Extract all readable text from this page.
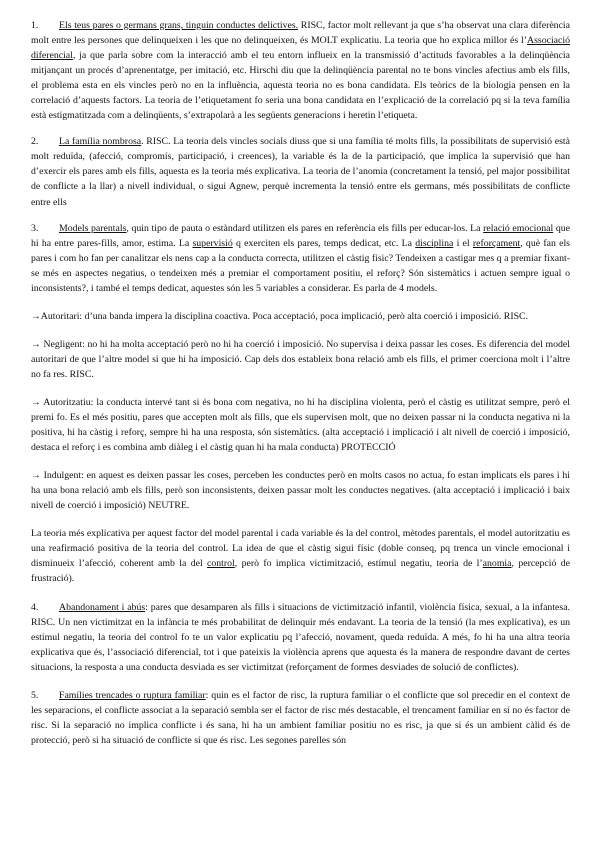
1. Els teus pares o germans grans, tinguin conductes delictives. RISC, factor molt rellevant ja que s’ha observat una clara diferència molt entre les persones que delinqueixen i les que no delinqueixen, és MOLT explicatiu. La teoria que ho explica millor és l’Associació diferencial, ja que parla sobre com la interacció amb el teu entorn influeix en la transmissió d’actituds favorables a la delinqüència mitjançant un procés d’aprenentatge, per imitació, etc. Hirschi diu que la delinqüència parental no te bons vincles afectius amb els fills, el problema esta en els vincles però no en la influència, aquesta teoria no es bona candidata. Els teòrics de la biologia pensen en la correlació d’aquests factors. La teoria de l’etiquetament fo seria una bona candidata en l’explicació de la correlació pq si la teva família està estigmatitzada com a delinqüents, s’extrapolarà a les següents generacions i heretin l’etiqueta.

2. La família nombrosa. RISC. La teoria dels vincles socials diuss que si una família té molts fills, la possibilitats de supervisió està molt reduïda, (afecció, compromís, participació, i creences), la variable és la de la participació, que implica la supervisió que han d’exercir els pares amb els fills, aquesta es la teoria més explicativa. La teoria de l’anomia (concretament la tensió, pel major possibilitat de conflicte a la llar) a nivell individual, o sigui Agnew, perquè incrementa la tensió entre els germans, més possibilitats de conflicte entre ells

3. Models parentals, quin tipo de pauta o estàndard utilitzen els pares en referència els fills per educar-los. La relació emocional que hi ha entre pares-fills, amor, estima. La supervisió q exerciten els pares, temps dedicat, etc. La disciplina i el reforçament, què fan els pares i com ho fan per canalitzar els nens cap a la conducta correcta, utilitzen el càstig físic? Tendeixen a castigar mes q a premiar fixant-se més en aspectes negatius, o tendeixen més a premiar el comportament positiu, el reforç? Són sistemàtics i actuen sempre igual o inconsistents?, i també el temps dedicat, aquestes són les 5 variables a considerar. Es parla de 4 models.

→Autoritari: d’una banda impera la disciplina coactiva. Poca acceptació, poca implicació, però alta coerció i imposició. RISC.

→ Negligent: no hi ha molta acceptació però no hi ha coerció i imposició. No supervisa i deixa passar les coses. Es diferencia del model autoritari de que l’altre model si que hi ha imposició. Cap dels dos estableix bona relació amb els fills, el primer coerciona molt i l’altre no fa res. RISC.

→ Autoritzatiu: la conducta intervé tant si és bona com negativa, no hi ha disciplina violenta, però el càstig es utilitzat sempre, però el premi fo. Es el més positiu, pares que accepten molt als fills, que els supervisen molt, que no deixen passar ni la conducta negativa ni la positiva, hi ha càstig i reforç, sempre hi ha una resposta, són sistemàtics. (alta acceptació i implicació i alt nivell de coerció i imposició, destaca el reforç i es combina amb diàleg i el càstig quan hi ha mala conducta) PROTECCIÓ

→ Indulgent: en aquest es deixen passar les coses, perceben les conductes però en molts casos no actua, fo estan implicats els pares i hi ha una bona relació amb els fills, però son inconsistents, deixen passar molt les conductes negatives. (alta acceptació i implicació i baix nivell de coerció i imposició) NEUTRE.

La teoria més explicativa per aquest factor del model parental i cada variable és la del control, mètodes parentals, el model autoritzatiu es una reafirmació positiva de la teoria del control. La idea de que el càstig sigui físic (doble conseq, pq trenca un vincle emocional i disminueix l’afecció, coherent amb la del control, però fo implica victimització, estímul negatiu, teoria de l’anomia, percepció de frustració).

4. Abandonament i abús: pares que desamparen als fills i situacions de victimització infantil, violència física, sexual, a la infantesa. RISC. Un nen victimitzat en la infància te més probabilitat de delinquir més endavant. La teoria de la tensió (la mes explicativa), es un estímul negatiu, la teoria del control fo te un valor explicatiu pq l’afecció, novament, queda reduïda. A més, fo hi ha una altra teoria explicativa que és, l’associació diferencial, tot i que pateixis la violència aprens que aquesta és la manera de respondre davant de certes situacions, la resposta a una conducta desviada es ser victimitzat (reforçament de formes desviades de solució de conflictes).

5. Famílies trencades o ruptura familiar: quin es el factor de risc, la ruptura familiar o el conflicte que sol precedir en el context de les separacions, el conflicte associat a la separació sembla ser el factor de risc més destacable, el trencament familiar en sí no és factor de risc. Si la separació no implica conflicte i és sana, hi ha un ambient familiar positiu no es risc, ja que si és un ambient càlid és de protecció, però si ha situació de conflicte si que és risc. Les segones parelles són
